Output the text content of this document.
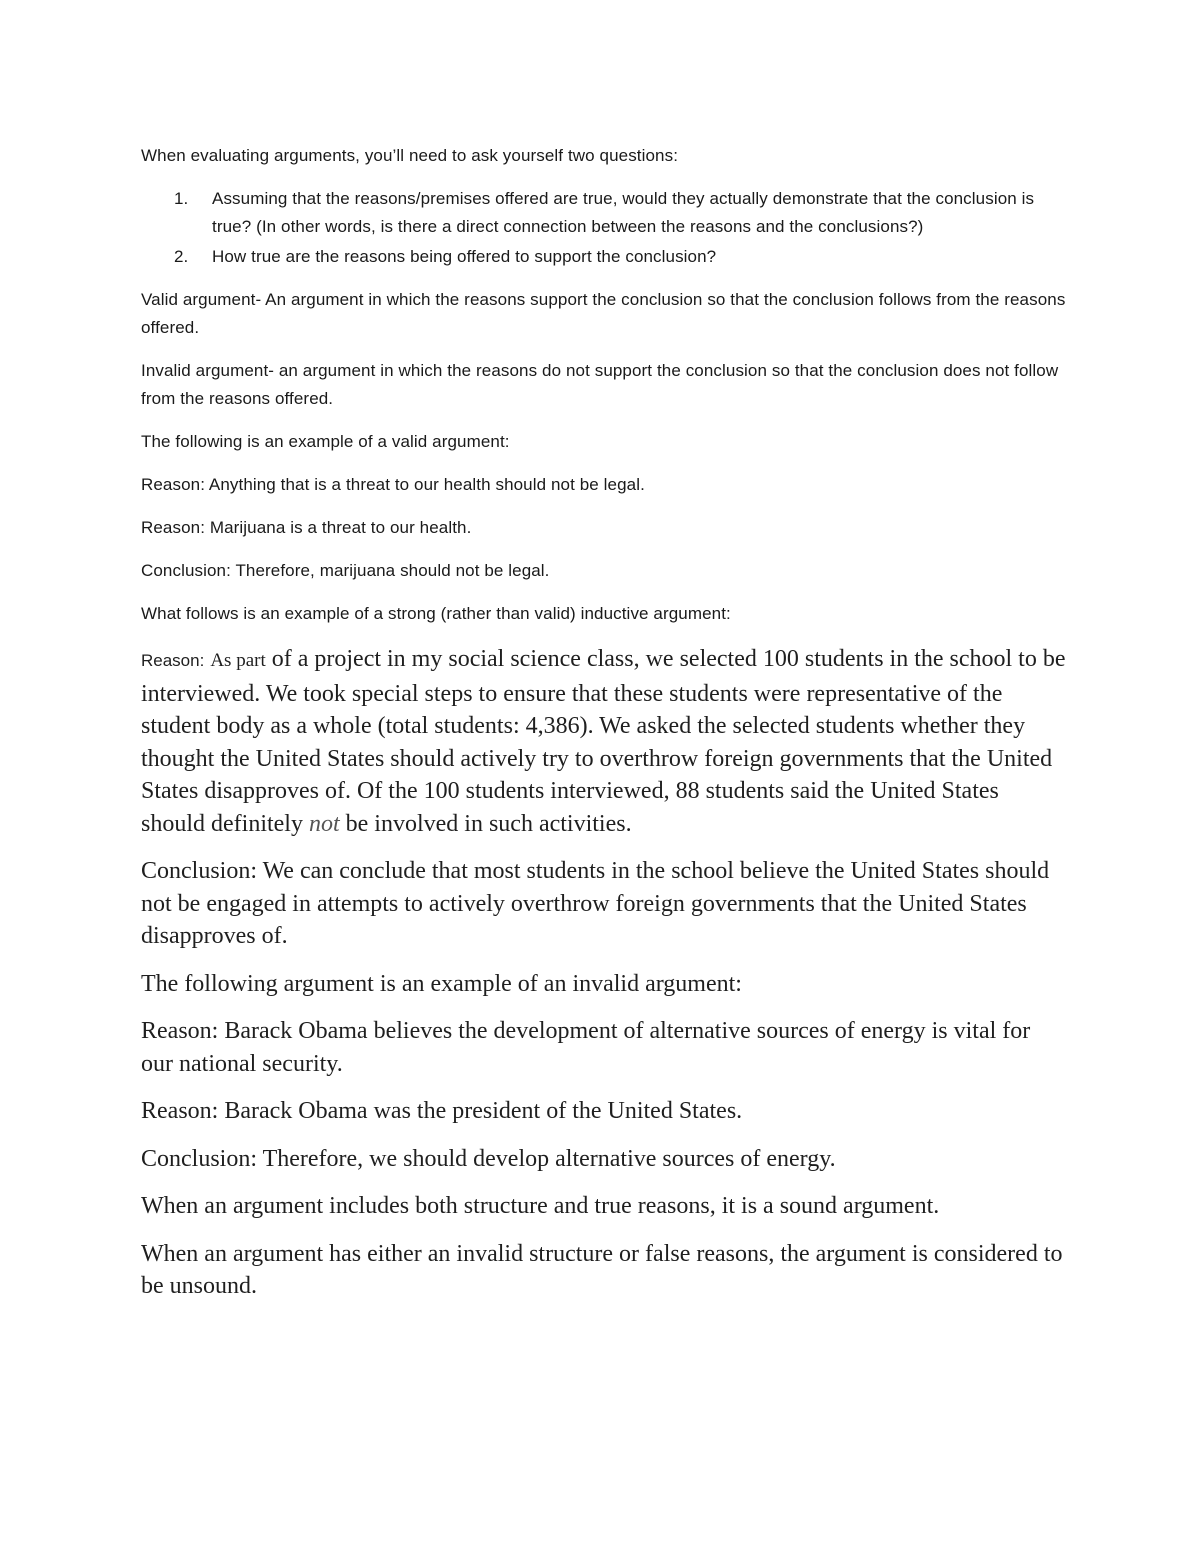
When evaluating arguments, you’ll need to ask yourself two questions:

1. Assuming that the reasons/premises offered are true, would they actually demonstrate that the conclusion is true? (In other words, is there a direct connection between the reasons and the conclusions?)
2. How true are the reasons being offered to support the conclusion?

Valid argument- An argument in which the reasons support the conclusion so that the conclusion follows from the reasons offered.

Invalid argument- an argument in which the reasons do not support the conclusion so that the conclusion does not follow from the reasons offered.

The following is an example of a valid argument:

Reason: Anything that is a threat to our health should not be legal.

Reason: Marijuana is a threat to our health.

Conclusion: Therefore, marijuana should not be legal.

What follows is an example of a strong (rather than valid) inductive argument:

Reason: As part of a project in my social science class, we selected 100 students in the school to be interviewed. We took special steps to ensure that these students were representative of the student body as a whole (total students: 4,386). We asked the selected students whether they thought the United States should actively try to overthrow foreign governments that the United States disapproves of. Of the 100 students interviewed, 88 students said the United States should definitely not be involved in such activities.

Conclusion: We can conclude that most students in the school believe the United States should not be engaged in attempts to actively overthrow foreign governments that the United States disapproves of.

The following argument is an example of an invalid argument:

Reason: Barack Obama believes the development of alternative sources of energy is vital for our national security.

Reason: Barack Obama was the president of the United States.

Conclusion: Therefore, we should develop alternative sources of energy.

When an argument includes both structure and true reasons, it is a sound argument.

When an argument has either an invalid structure or false reasons, the argument is considered to be unsound.
